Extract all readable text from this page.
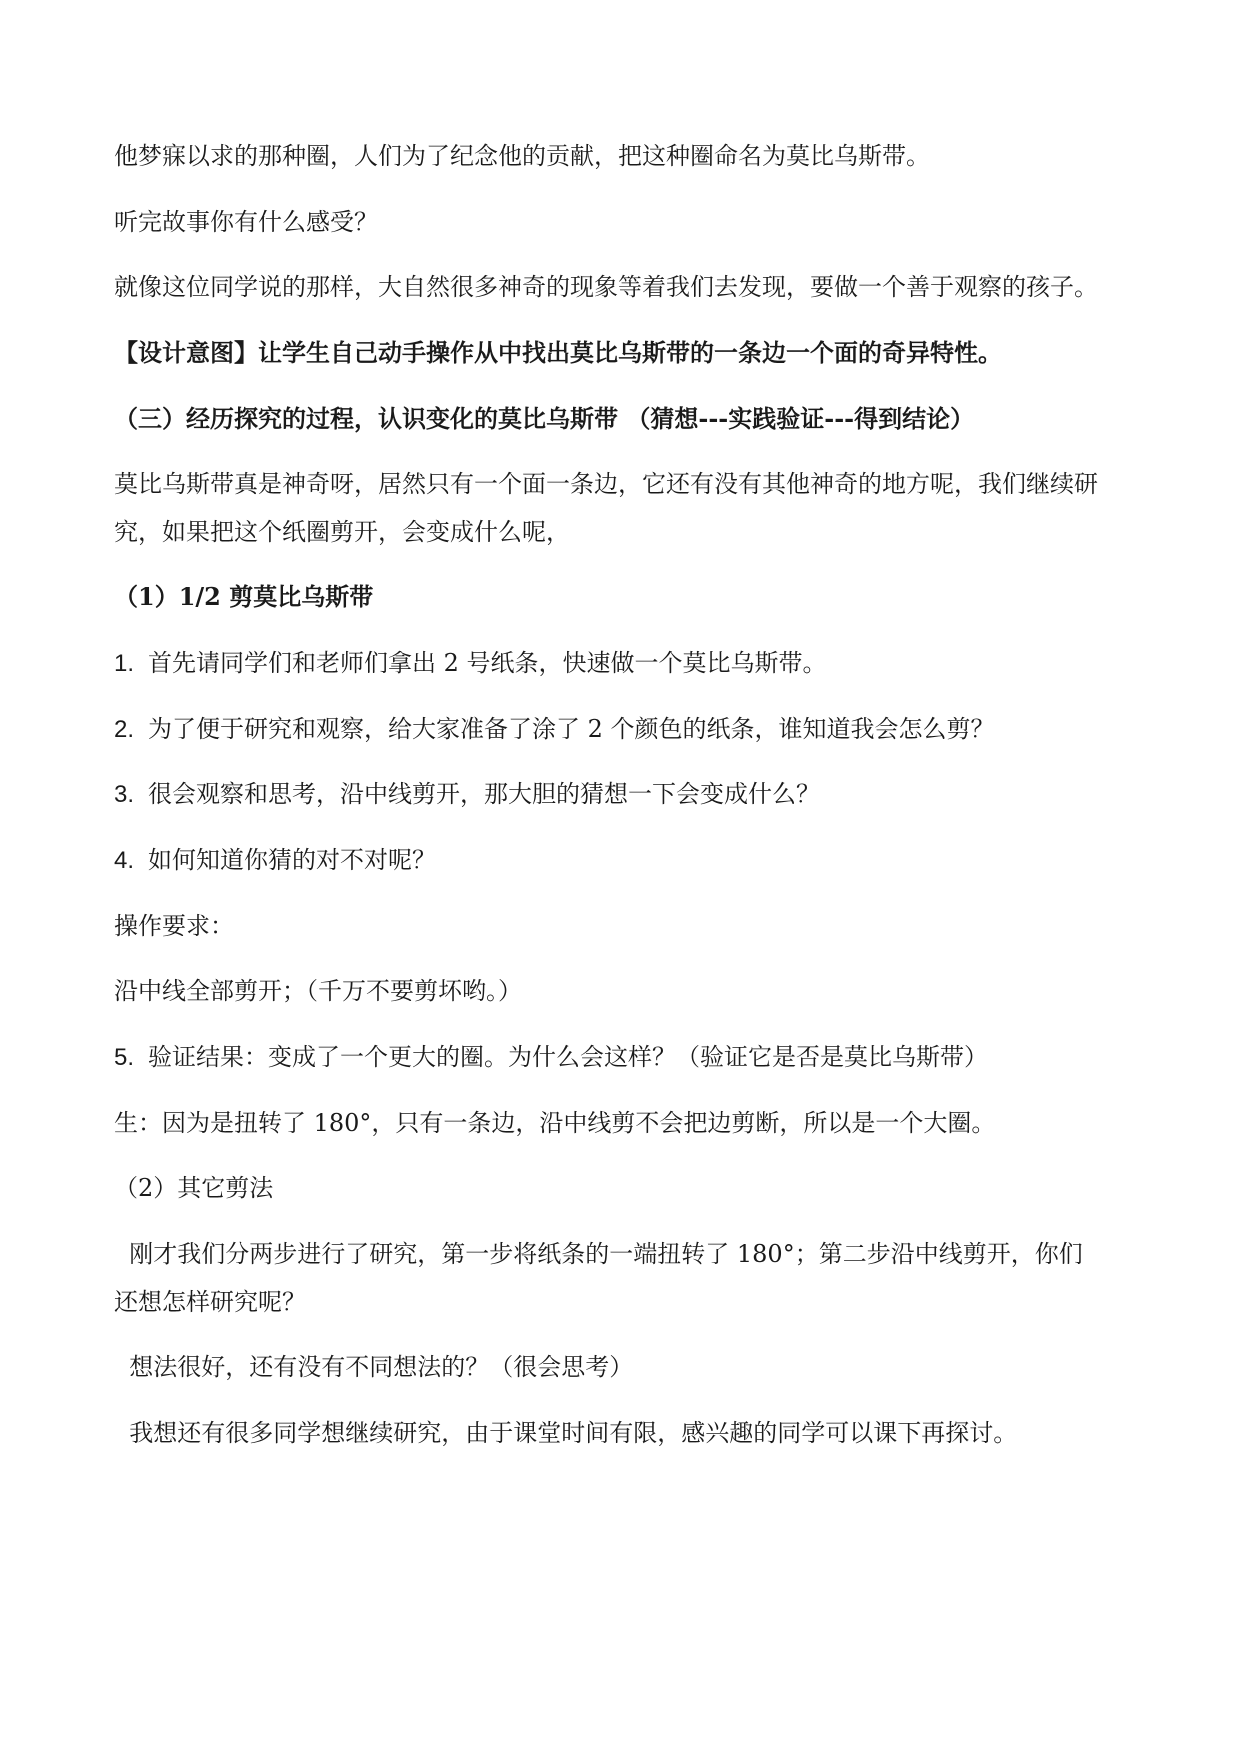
他梦寐以求的那种圈，人们为了纪念他的贡献，把这种圈命名为莫比乌斯带。
听完故事你有什么感受？
就像这位同学说的那样，大自然很多神奇的现象等着我们去发现，要做一个善于观察的孩子。
【设计意图】让学生自己动手操作从中找出莫比乌斯带的一条边一个面的奇异特性。
（三）经历探究的过程，认识变化的莫比乌斯带 （猜想---实践验证---得到结论）
莫比乌斯带真是神奇呀，居然只有一个面一条边，它还有没有其他神奇的地方呢，我们继续研
究，如果把这个纸圈剪开，会变成什么呢，
（1）1/2 剪莫比乌斯带
1. 首先请同学们和老师们拿出 2 号纸条，快速做一个莫比乌斯带。
2. 为了便于研究和观察，给大家准备了涂了 2 个颜色的纸条，谁知道我会怎么剪？
3. 很会观察和思考，沿中线剪开，那大胆的猜想一下会变成什么？
4. 如何知道你猜的对不对呢？
操作要求：
沿中线全部剪开；（千万不要剪坏哟。）
5. 验证结果：变成了一个更大的圈。为什么会这样？（验证它是否是莫比乌斯带）
生：因为是扭转了 180°，只有一条边，沿中线剪不会把边剪断，所以是一个大圈。
（2）其它剪法
刚才我们分两步进行了研究，第一步将纸条的一端扭转了 180°；第二步沿中线剪开，你们
还想怎样研究呢？
想法很好，还有没有不同想法的？（很会思考）
我想还有很多同学想继续研究，由于课堂时间有限，感兴趣的同学可以课下再探讨。
